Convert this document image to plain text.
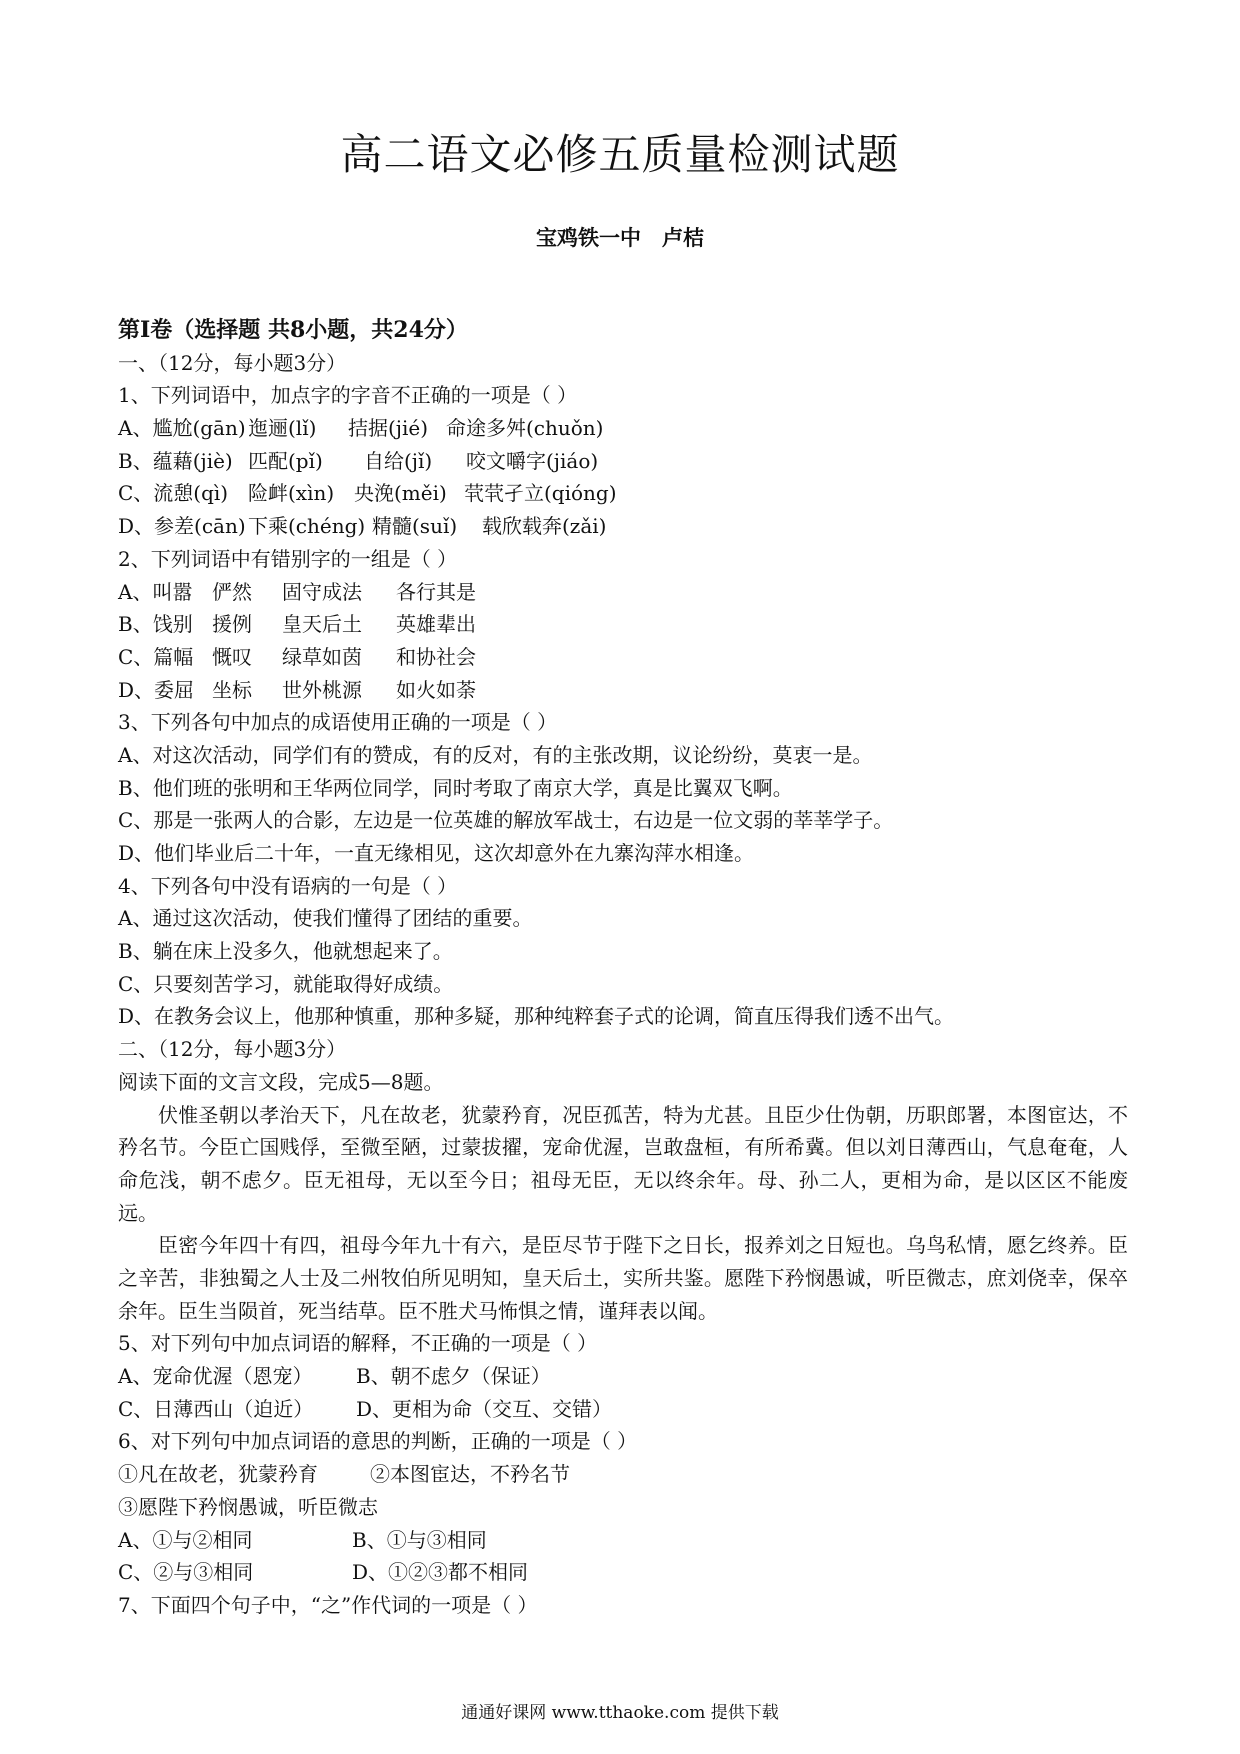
高二语文必修五质量检测试题
宝鸡铁一中　卢桔
第Ⅰ卷（选择题 共8小题，共24分）
一、（12分，每小题3分）
1、下列词语中，加点字的字音不正确的一项是（ ）
A、尴尬(gān) 迤逦(lǐ) 拮据(jié) 命途多舛(chuǒn)
B、蕴藉(jiè) 匹配(pǐ) 自给(jǐ) 咬文嚼字(jiáo)
C、流憩(qì) 险衅(xìn) 央浼(měi) 茕茕孑立(qióng)
D、参差(cān) 下乘(chéng) 精髓(suǐ) 载欣载奔(zǎi)
2、下列词语中有错别字的一组是（ ）
A、叫嚣 俨然 固守成法 各行其是
B、饯别 援例 皇天后土 英雄辈出
C、篇幅 慨叹 绿草如茵 和协社会
D、委屈 坐标 世外桃源 如火如荼
3、下列各句中加点的成语使用正确的一项是（ ）
A、对这次活动，同学们有的赞成，有的反对，有的主张改期，议论纷纷，莫衷一是。
B、他们班的张明和王华两位同学，同时考取了南京大学，真是比翼双飞啊。
C、那是一张两人的合影，左边是一位英雄的解放军战士，右边是一位文弱的莘莘学子。
D、他们毕业后二十年，一直无缘相见，这次却意外在九寨沟萍水相逢。
4、下列各句中没有语病的一句是（ ）
A、通过这次活动，使我们懂得了团结的重要。
B、躺在床上没多久，他就想起来了。
C、只要刻苦学习，就能取得好成绩。
D、在教务会议上，他那种慎重，那种多疑，那种纯粹套子式的论调，简直压得我们透不出气。
二、（12分，每小题3分）
阅读下面的文言文段，完成5—8题。

伏惟圣朝以孝治天下，凡在故老，犹蒙矜育，况臣孤苦，特为尤甚。且臣少仕伪朝，历职郎署，本图宦达，不矜名节。今臣亡国贱俘，至微至陋，过蒙拔擢，宠命优渥，岂敢盘桓，有所希冀。但以刘日薄西山，气息奄奄，人命危浅，朝不虑夕。臣无祖母，无以至今日；祖母无臣，无以终余年。母、孙二人，更相为命，是以区区不能废远。

臣密今年四十有四，祖母今年九十有六，是臣尽节于陛下之日长，报养刘之日短也。乌鸟私情，愿乞终养。臣之辛苦，非独蜀之人士及二州牧伯所见明知，皇天后土，实所共鉴。愿陛下矜悯愚诚，听臣微志，庶刘侥幸，保卒余年。臣生当陨首，死当结草。臣不胜犬马怖惧之情，谨拜表以闻。

5、对下列句中加点词语的解释，不正确的一项是（ ）
A、宠命优渥（恩宠） B、朝不虑夕（保证）
C、日薄西山（迫近） D、更相为命（交互、交错）
6、对下列句中加点词语的意思的判断，正确的一项是（ ）
①凡在故老，犹蒙矜育	②本图宦达，不矜名节
③愿陛下矜悯愚诚，听臣微志
A、①与②相同	B、①与③相同
C、②与③相同	D、①②③都不相同
7、下面四个句子中，“之”作代词的一项是（ ）
通通好课网 www.tthaoke.com 提供下载
